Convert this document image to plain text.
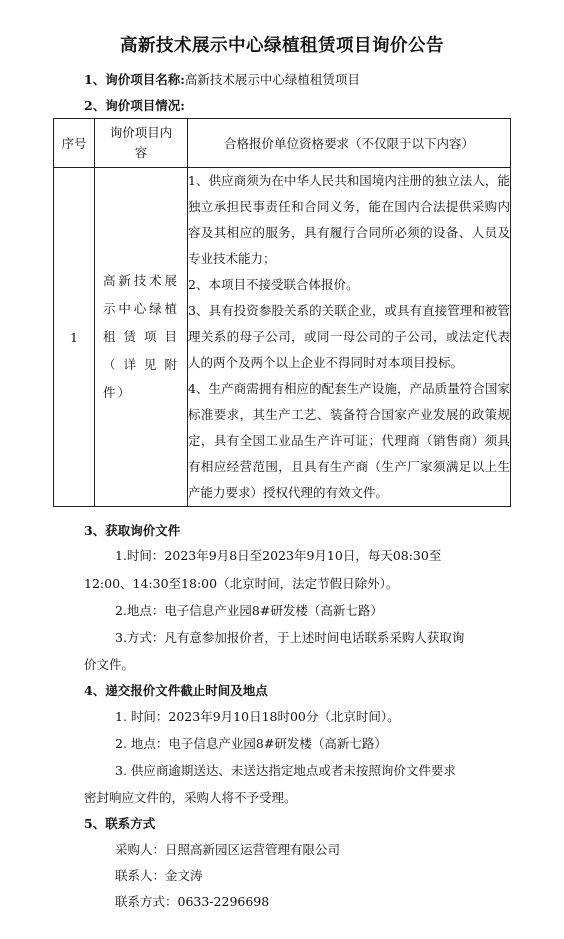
高新技术展示中心绿植租赁项目询价公告
1、询价项目名称:高新技术展示中心绿植租赁项目
2、询价项目情况:
序号	询价项目内容	合格报价单位资格要求（不仅限于以下内容）
1	高新技术展示中心绿植租赁项目（详见附件）	1、供应商须为在中华人民共和国境内注册的独立法人，能独立承担民事责任和合同义务，能在国内合法提供采购内容及其相应的服务，具有履行合同所必须的设备、人员及专业技术能力；

2、本项目不接受联合体报价。

3、具有投资参股关系的关联企业，或具有直接管理和被管理关系的母子公司，或同一母公司的子公司，或法定代表人的两个及两个以上企业不得同时对本项目投标。

4、生产商需拥有相应的配套生产设施，产品质量符合国家标准要求，其生产工艺、装备符合国家产业发展的政策规定，具有全国工业品生产许可证；代理商（销售商）须具有相应经营范围，且具有生产商（生产厂家须满足以上生产能力要求）授权代理的有效文件。

3、获取询价文件
1.时间：2023年9月8日至2023年9月10日，每天08:30至
12:00、14:30至18:00（北京时间，法定节假日除外）。
2.地点：电子信息产业园8#研发楼（高新七路）
3.方式：凡有意参加报价者，于上述时间电话联系采购人获取询
价文件。
4、递交报价文件截止时间及地点
1. 时间：2023年9月10日18时00分（北京时间）。
2. 地点：电子信息产业园8#研发楼（高新七路）
3. 供应商逾期送达、未送达指定地点或者未按照询价文件要求
密封响应文件的，采购人将不予受理。
5、联系方式
采购人：日照高新园区运营管理有限公司
联系人：金文涛
联系方式：0633-2296698
